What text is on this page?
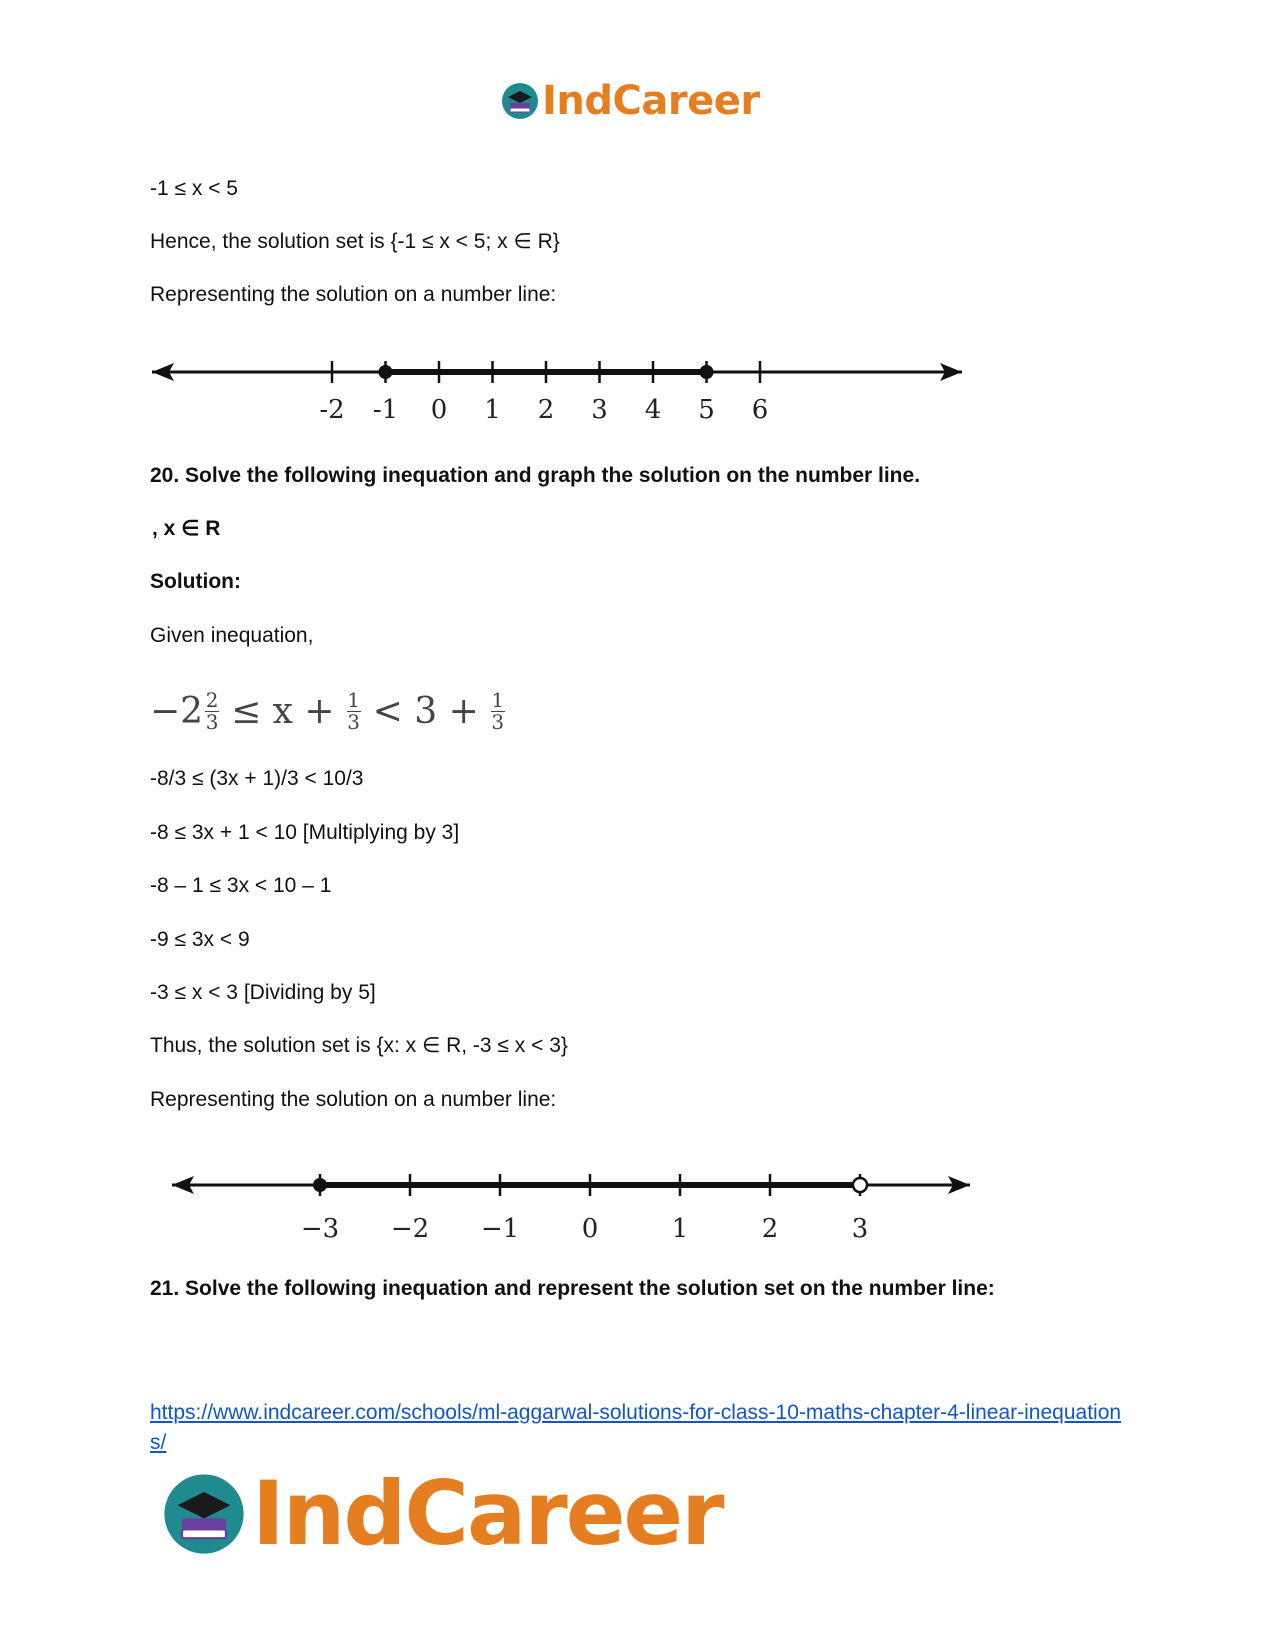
IndCareer
-1 ≤ x < 5
Hence, the solution set is {-1 ≤ x < 5; x ∈ R}
Representing the solution on a number line:
-2 -1 0 1 2 3 4 5 6
20. Solve the following inequation and graph the solution on the number line.
, x ∈ R
Solution:
Given inequation,
$-2 \frac{2}{3} \le x + \frac{1}{3} < 3 + \frac{1}{3}$
-8/3 ≤ (3x + 1)/3 < 10/3
-8 ≤ 3x + 1 < 10 [Multiplying by 3]
-8 – 1 ≤ 3x < 10 – 1
-9 ≤ 3x < 9
-3 ≤ x < 3 [Dividing by 5]
Thus, the solution set is {x: x ∈ R, -3 ≤ x < 3}
Representing the solution on a number line:
−3 −2 −1 0	1	2	3
21. Solve the following inequation and represent the solution set on the number line:
https://www.indcareer.com/schools/ml-aggarwal-solutions-for-class-10-maths-chapter-4-linear-inequations/
IndCareer
